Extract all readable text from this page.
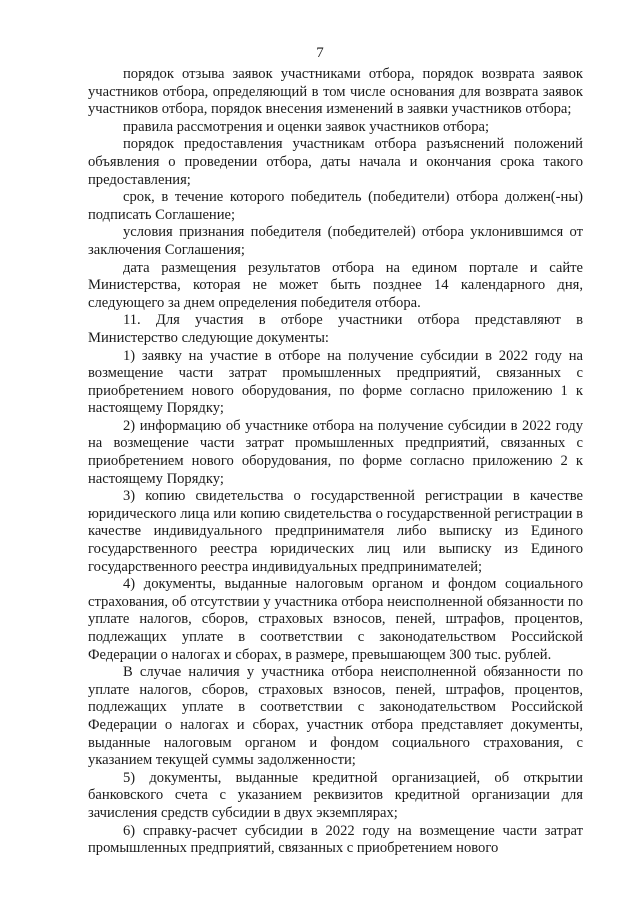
7

порядок отзыва заявок участниками отбора, порядок возврата заявок участников отбора, определяющий в том числе основания для возврата заявок участников отбора, порядок внесения изменений в заявки участников отбора;

правила рассмотрения и оценки заявок участников отбора;

порядок предоставления участникам отбора разъяснений положений объявления о проведении отбора, даты начала и окончания срока такого предоставления;

срок, в течение которого победитель (победители) отбора должен(-ны) подписать Соглашение;

условия признания победителя (победителей) отбора уклонившимся от заключения Соглашения;

дата размещения результатов отбора на едином портале и сайте Министерства, которая не может быть позднее 14 календарного дня, следующего за днем определения победителя отбора.

11. Для участия в отборе участники отбора представляют в Министерство следующие документы:

1) заявку на участие в отборе на получение субсидии в 2022 году на возмещение части затрат промышленных предприятий, связанных с приобретением нового оборудования, по форме согласно приложению 1 к настоящему Порядку;

2) информацию об участнике отбора на получение субсидии в 2022 году на возмещение части затрат промышленных предприятий, связанных с приобретением нового оборудования, по форме согласно приложению 2 к настоящему Порядку;

3) копию свидетельства о государственной регистрации в качестве юридического лица или копию свидетельства о государственной регистрации в качестве индивидуального предпринимателя либо выписку из Единого государственного реестра юридических лиц или выписку из Единого государственного реестра индивидуальных предпринимателей;

4) документы, выданные налоговым органом и фондом социального страхования, об отсутствии у участника отбора неисполненной обязанности по уплате налогов, сборов, страховых взносов, пеней, штрафов, процентов, подлежащих уплате в соответствии с законодательством Российской Федерации о налогах и сборах, в размере, превышающем 300 тыс. рублей.

В случае наличия у участника отбора неисполненной обязанности по уплате налогов, сборов, страховых взносов, пеней, штрафов, процентов, подлежащих уплате в соответствии с законодательством Российской Федерации о налогах и сборах, участник отбора представляет документы, выданные налоговым органом и фондом социального страхования, с указанием текущей суммы задолженности;

5) документы, выданные кредитной организацией, об открытии банковского счета с указанием реквизитов кредитной организации для зачисления средств субсидии в двух экземплярах;

6) справку-расчет субсидии в 2022 году на возмещение части затрат промышленных предприятий, связанных с приобретением нового
